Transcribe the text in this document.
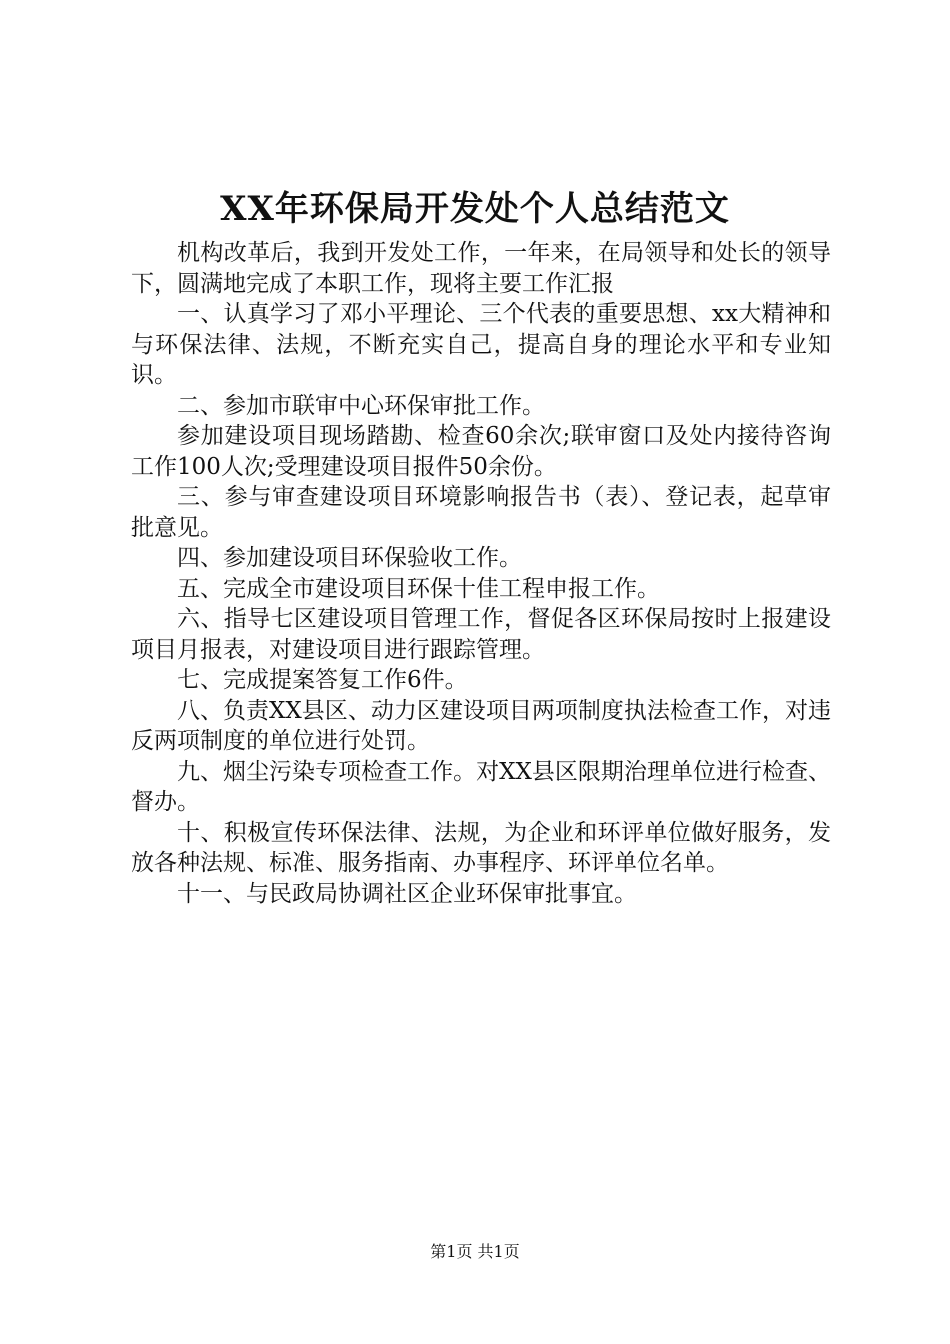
XX年环保局开发处个人总结范文

机构改革后，我到开发处工作，一年来，在局领导和处长的领导下，圆满地完成了本职工作，现将主要工作汇报

一、认真学习了邓小平理论、三个代表的重要思想、xx大精神和与环保法律、法规，不断充实自己，提高自身的理论水平和专业知识。

二、参加市联审中心环保审批工作。

参加建设项目现场踏勘、检查60余次;联审窗口及处内接待咨询工作100人次;受理建设项目报件50余份。

三、参与审查建设项目环境影响报告书（表）、登记表，起草审批意见。

四、参加建设项目环保验收工作。

五、完成全市建设项目环保十佳工程申报工作。

六、指导七区建设项目管理工作，督促各区环保局按时上报建设项目月报表，对建设项目进行跟踪管理。

七、完成提案答复工作6件。

八、负责XX县区、动力区建设项目两项制度执法检查工作，对违反两项制度的单位进行处罚。

九、烟尘污染专项检查工作。对XX县区限期治理单位进行检查、督办。

十、积极宣传环保法律、法规，为企业和环评单位做好服务，发放各种法规、标准、服务指南、办事程序、环评单位名单。

十一、与民政局协调社区企业环保审批事宜。

第1页 共1页
